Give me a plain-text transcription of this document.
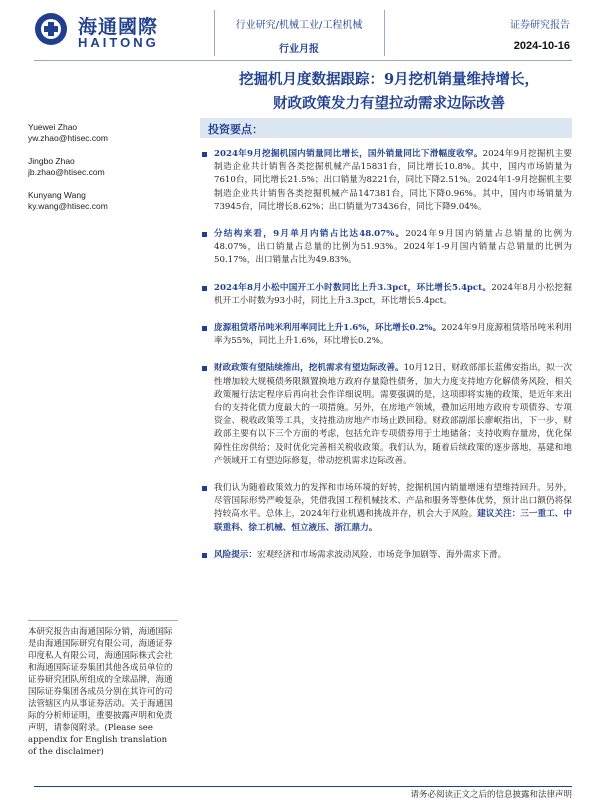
海通國際
HAITONG
行业研究/机械工业/工程机械
行业月报
证券研究报告
2024-10-16
挖掘机月度数据跟踪：9月挖机销量维持增长，
财政政策发力有望拉动需求边际改善
Yuewei Zhao
yw.zhao@htisec.com
Jingbo Zhao
jb.zhao@htisec.com
Kunyang Wang
ky.wang@htisec.com
投资要点：
2024年9月挖掘机国内销量同比增长，国外销量同比下滑幅度收窄。2024年9月挖掘机主要制造企业共计销售各类挖掘机械产品15831台，同比增长10.8%。其中，国内市场销量为7610台，同比增长21.5%；出口销量为8221台，同比下降2.51%。2024年1-9月挖掘机主要制造企业共计销售各类挖掘机械产品147381台，同比下降0.96%。其中，国内市场销量为73945台，同比增长8.62%；出口销量为73436台，同比下降9.04%。
分结构来看，9月单月内销占比达48.07%。2024年9月国内销量占总销量的比例为48.07%，出口销量占总量的比例为51.93%。2024年1-9月国内销量占总销量的比例为50.17%，出口销量占比为49.83%。
2024年8月小松中国开工小时数同比上升3.3pct，环比增长5.4pct。2024年8月小松挖掘机开工小时数为93小时，同比上升3.3pct，环比增长5.4pct。
庞源租赁塔吊吨米利用率同比上升1.6%，环比增长0.2%。2024年9月庞源租赁塔吊吨米利用率为55%，同比上升1.6%，环比增长0.2%。
财政政策有望陆续推出，挖机需求有望边际改善。10月12日，财政部部长蓝佛安指出，拟一次性增加较大规模债务限额置换地方政府存量隐性债务，加大力度支持地方化解债务风险，相关政策履行法定程序后再向社会作详细说明。需要强调的是，这项即将实施的政策，是近年来出台的支持化债力度最大的一项措施。另外，在房地产领域，叠加运用地方政府专项债券、专项资金、税收政策等工具，支持推动房地产市场止跌回稳。财政部副部长廖岷指出，下一步，财政部主要有以下三个方面的考虑，包括允许专项债券用于土地储备；支持收购存量房，优化保障性住房供给；及时优化完善相关税收政策。我们认为，随着后续政策的逐步落地，基建和地产领域开工有望边际修复，带动挖机需求边际改善。
我们认为随着政策效力的发挥和市场环境的好转，挖掘机国内销量增速有望维持回升。另外，尽管国际形势严峻复杂，凭借我国工程机械技术、产品和服务等整体优势，预计出口额仍将保持较高水平。总体上，2024年行业机遇和挑战并存，机会大于风险。建议关注：三一重工、中联重科、徐工机械、恒立液压、浙江鼎力。
风险提示：宏观经济和市场需求波动风险、市场竞争加剧等、海外需求下滑。
本研究报告由海通国际分销，海通国际是由海通国际研究有限公司，海通证券印度私人有限公司，海通国际株式会社和海通国际证券集团其他各成员单位的证券研究团队所组成的全球品牌，海通国际证券集团各成员分别在其许可的司法管辖区内从事证券活动。关于海通国际的分析师证明，重要披露声明和免责声明，请参阅附录。(Please see appendix for English translation of the disclaimer)
请务必阅读正文之后的信息披露和法律声明
